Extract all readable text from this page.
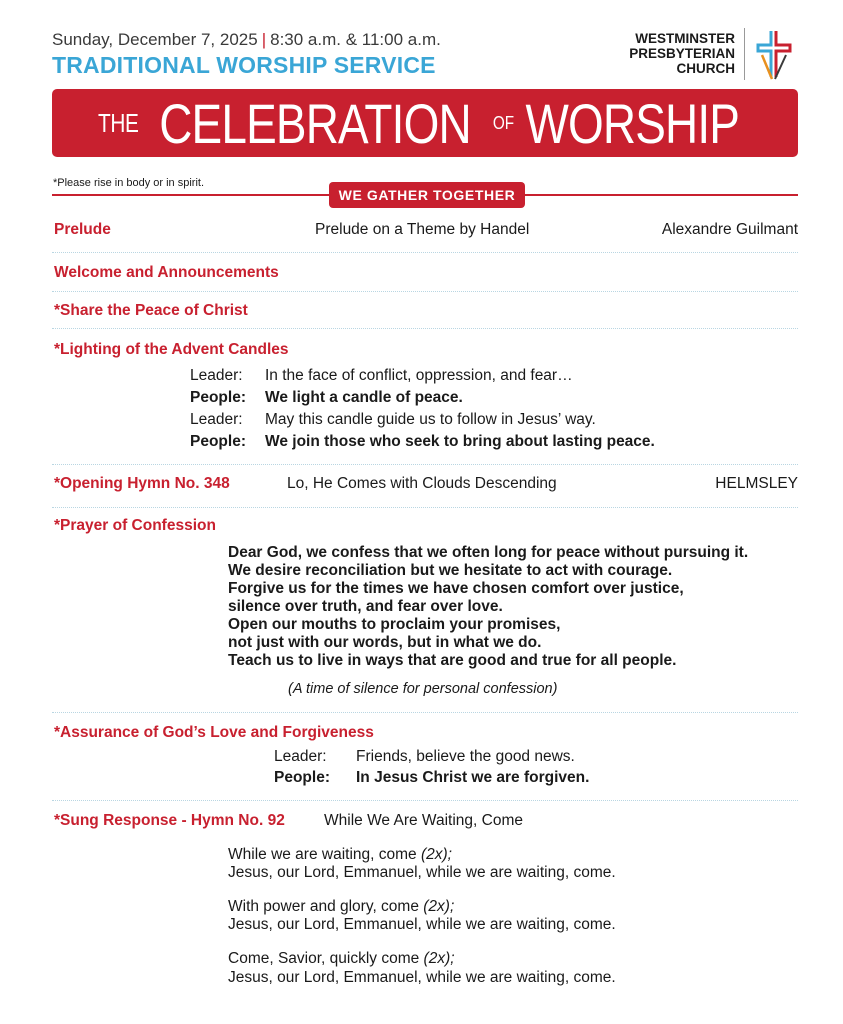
Sunday, December 7, 2025 | 8:30 a.m. & 11:00 a.m.
TRADITIONAL WORSHIP SERVICE
WESTMINSTER
PRESBYTERIAN
CHURCH
THE CELEBRATION OF WORSHIP
*Please rise in body or in spirit.
WE GATHER TOGETHER
Prelude	Prelude on a Theme by Handel	Alexandre Guilmant
Welcome and Announcements
*Share the Peace of Christ
*Lighting of the Advent Candles
Leader: In the face of conflict, oppression, and fear…
People: We light a candle of peace.
Leader: May this candle guide us to follow in Jesus’ way.
People: We join those who seek to bring about lasting peace.
*Opening Hymn No. 348	Lo, He Comes with Clouds Descending	HELMSLEY
*Prayer of Confession
Dear God, we confess that we often long for peace without pursuing it.
We desire reconciliation but we hesitate to act with courage.
Forgive us for the times we have chosen comfort over justice,
silence over truth, and fear over love.
Open our mouths to proclaim your promises,
not just with our words, but in what we do.
Teach us to live in ways that are good and true for all people.
(A time of silence for personal confession)
*Assurance of God’s Love and Forgiveness
Leader: Friends, believe the good news.
People: In Jesus Christ we are forgiven.
*Sung Response - Hymn No. 92	While We Are Waiting, Come
While we are waiting, come (2x);
Jesus, our Lord, Emmanuel, while we are waiting, come.
With power and glory, come (2x);
Jesus, our Lord, Emmanuel, while we are waiting, come.
Come, Savior, quickly come (2x);
Jesus, our Lord, Emmanuel, while we are waiting, come.
